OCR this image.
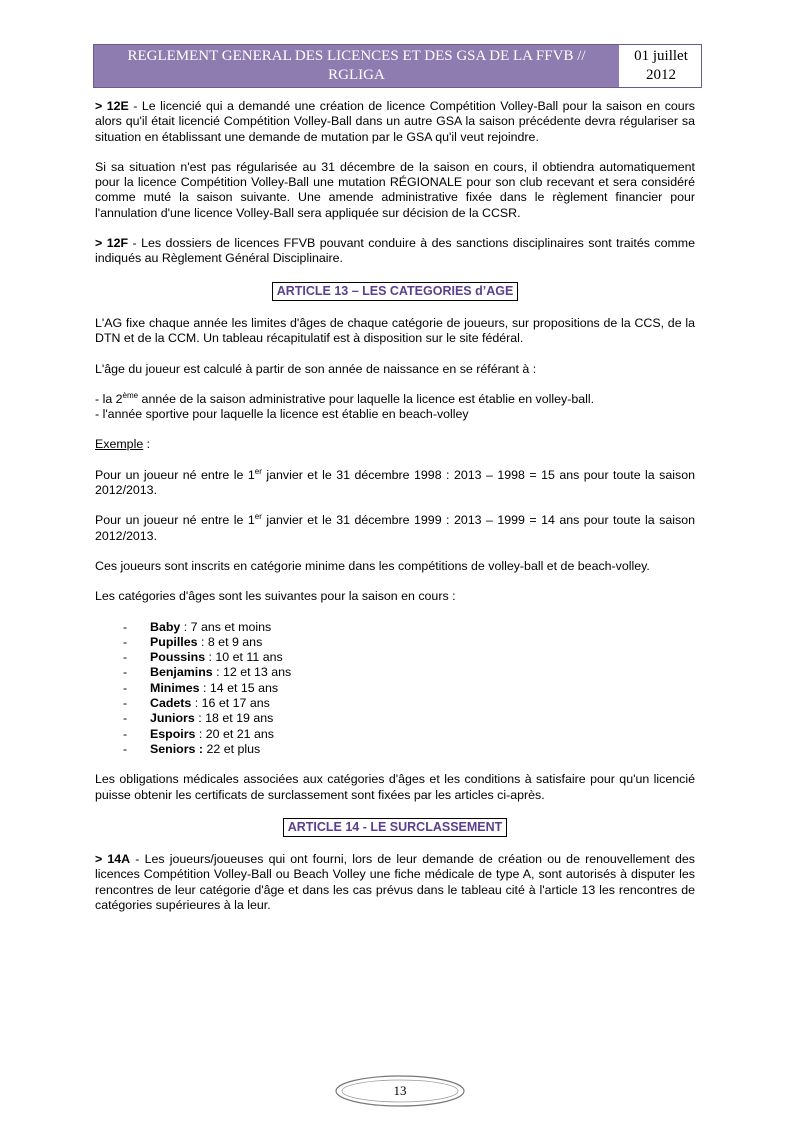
REGLEMENT GENERAL DES LICENCES ET DES GSA DE LA FFVB //
RGLIGA
01 juillet
2012

> 12E - Le licencié qui a demandé une création de licence Compétition Volley-Ball pour la saison en cours alors qu'il était licencié Compétition Volley-Ball dans un autre GSA la saison précédente devra régulariser sa situation en établissant une demande de mutation par le GSA qu'il veut rejoindre.

Si sa situation n'est pas régularisée au 31 décembre de la saison en cours, il obtiendra automatiquement pour la licence Compétition Volley-Ball une mutation RÉGIONALE pour son club recevant et sera considéré comme muté la saison suivante. Une amende administrative fixée dans le règlement financier pour l'annulation d'une licence Volley-Ball sera appliquée sur décision de la CCSR.

> 12F - Les dossiers de licences FFVB pouvant conduire à des sanctions disciplinaires sont traités comme indiqués au Règlement Général Disciplinaire.

ARTICLE 13 – LES CATEGORIES d’AGE

L'AG fixe chaque année les limites d'âges de chaque catégorie de joueurs, sur propositions de la CCS, de la DTN et de la CCM. Un tableau récapitulatif est à disposition sur le site fédéral.

L'âge du joueur est calculé à partir de son année de naissance en se référant à :

- la 2ème année de la saison administrative pour laquelle la licence est établie en volley-ball.

- l'année sportive pour laquelle la licence est établie en beach-volley

Exemple :

Pour un joueur né entre le 1er janvier et le 31 décembre 1998 : 2013 – 1998 = 15 ans pour toute la saison 2012/2013.

Pour un joueur né entre le 1er janvier et le 31 décembre 1999 : 2013 – 1999 = 14 ans pour toute la saison 2012/2013.

Ces joueurs sont inscrits en catégorie minime dans les compétitions de volley-ball et de beach-volley.

Les catégories d'âges sont les suivantes pour la saison en cours :

-	Baby : 7 ans et moins
-	Pupilles : 8 et 9 ans
-	Poussins : 10 et 11 ans
-	Benjamins : 12 et 13 ans
-	Minimes : 14 et 15 ans
-	Cadets : 16 et 17 ans
-	Juniors : 18 et 19 ans
-	Espoirs : 20 et 21 ans
-	Seniors : 22 et plus

Les obligations médicales associées aux catégories d'âges et les conditions à satisfaire pour qu'un licencié puisse obtenir les certificats de surclassement sont fixées par les articles ci-après.

ARTICLE 14 - LE SURCLASSEMENT

> 14A - Les joueurs/joueuses qui ont fourni, lors de leur demande de création ou de renouvellement des licences Compétition Volley-Ball ou Beach Volley une fiche médicale de type A, sont autorisés à disputer les rencontres de leur catégorie d'âge et dans les cas prévus dans le tableau cité à l'article 13 les rencontres de catégories supérieures à la leur.

13
